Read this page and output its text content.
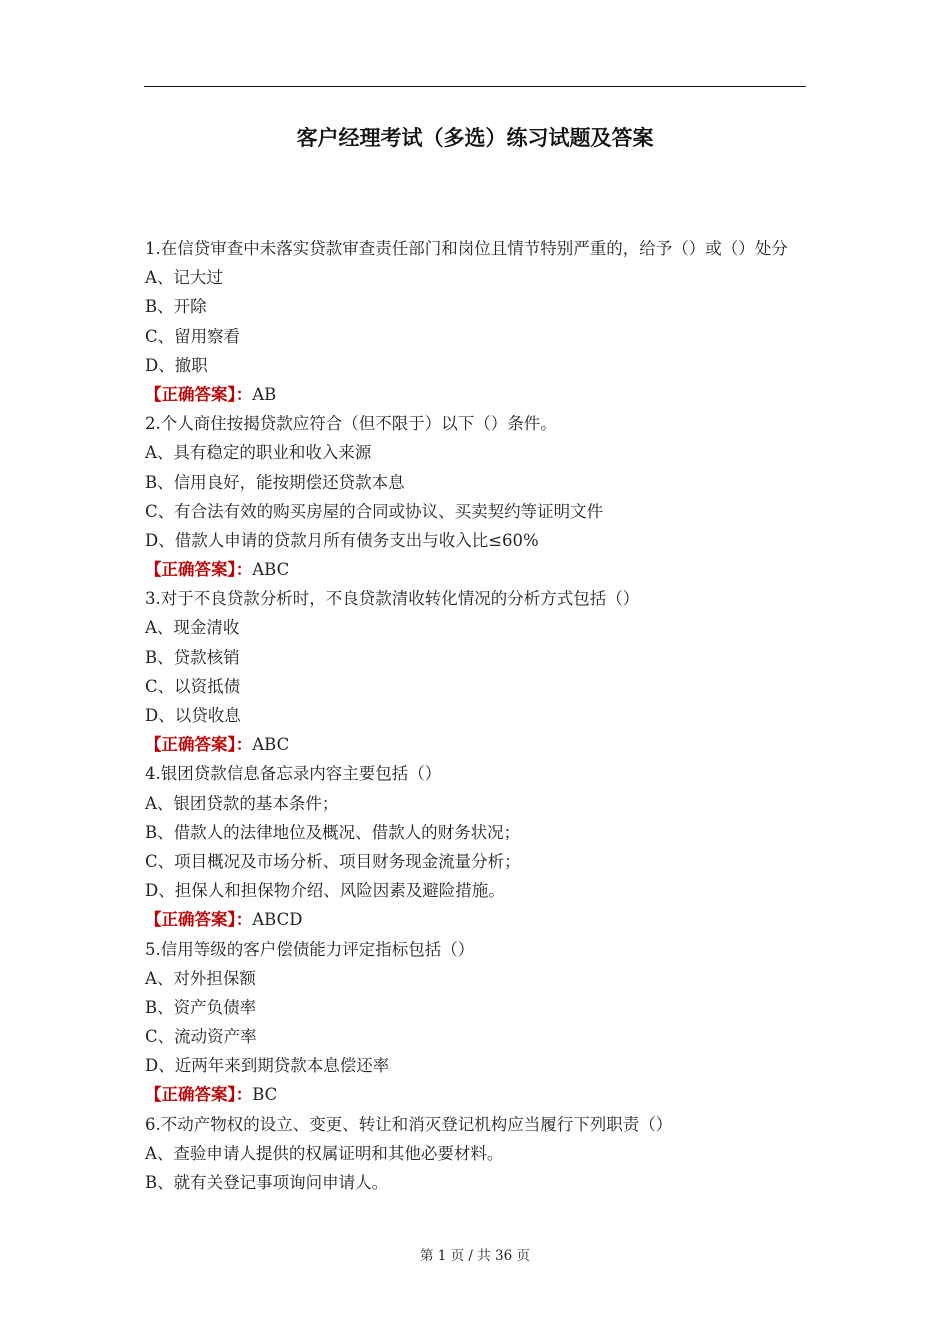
客户经理考试（多选）练习试题及答案
1.在信贷审查中未落实贷款审查责任部门和岗位且情节特别严重的，给予（）或（）处分
A、记大过
B、开除
C、留用察看
D、撤职
【正确答案】：AB
2.个人商住按揭贷款应符合（但不限于）以下（）条件。
A、具有稳定的职业和收入来源
B、信用良好，能按期偿还贷款本息
C、有合法有效的购买房屋的合同或协议、买卖契约等证明文件
D、借款人申请的贷款月所有债务支出与收入比≤60%
【正确答案】：ABC
3.对于不良贷款分析时，不良贷款清收转化情况的分析方式包括（）
A、现金清收
B、贷款核销
C、以资抵债
D、以贷收息
【正确答案】：ABC
4.银团贷款信息备忘录内容主要包括（）
A、银团贷款的基本条件；
B、借款人的法律地位及概况、借款人的财务状况；
C、项目概况及市场分析、项目财务现金流量分析；
D、担保人和担保物介绍、风险因素及避险措施。
【正确答案】：ABCD
5.信用等级的客户偿债能力评定指标包括（）
A、对外担保额
B、资产负债率
C、流动资产率
D、近两年来到期贷款本息偿还率
【正确答案】：BC
6.不动产物权的设立、变更、转让和消灭登记机构应当履行下列职责（）
A、查验申请人提供的权属证明和其他必要材料。
B、就有关登记事项询问申请人。
第 1 页 / 共 36 页
